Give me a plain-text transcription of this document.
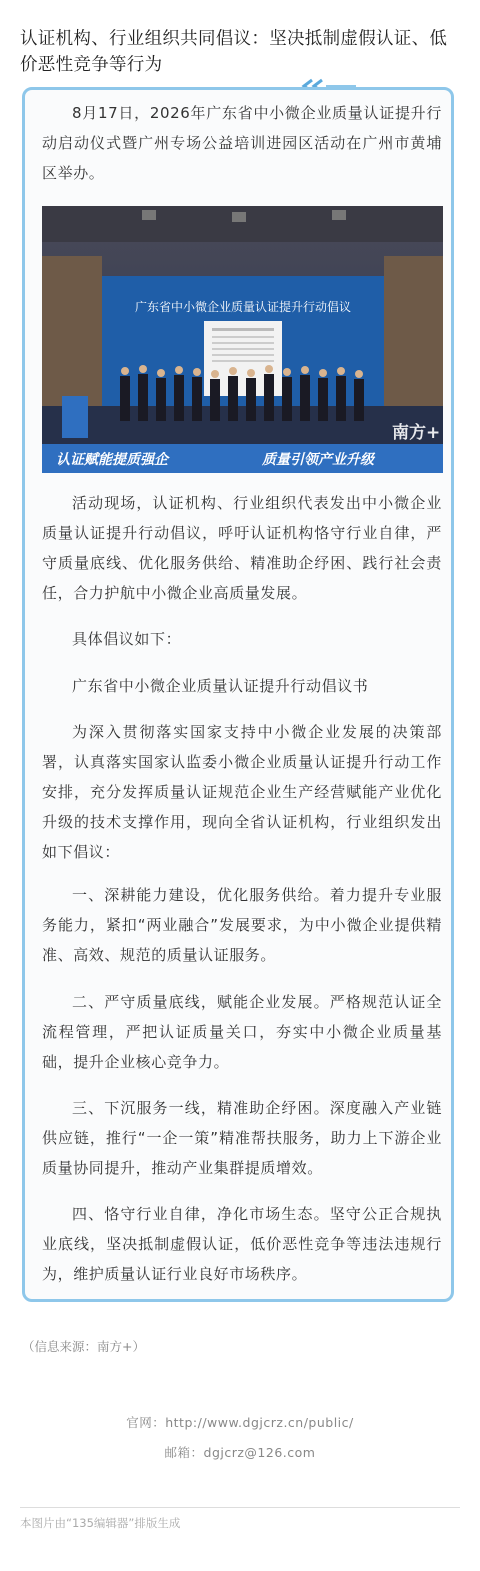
认证机构、行业组织共同倡议：坚决抵制虚假认证、低价恶性竞争等行为

8月17日，2026年广东省中小微企业质量认证提升行动启动仪式暨广州专场公益培训进园区活动在广州市黄埔区举办。

广东省中小微企业质量认证提升行动倡议
认证赋能提质强企	质量引领产业升级
南方+

活动现场，认证机构、行业组织代表发出中小微企业质量认证提升行动倡议，呼吁认证机构恪守行业自律，严守质量底线、优化服务供给、精准助企纾困、践行社会责任，合力护航中小微企业高质量发展。

具体倡议如下：

广东省中小微企业质量认证提升行动倡议书

为深入贯彻落实国家支持中小微企业发展的决策部署，认真落实国家认监委小微企业质量认证提升行动工作安排，充分发挥质量认证规范企业生产经营赋能产业优化升级的技术支撑作用，现向全省认证机构，行业组织发出如下倡议：

一、深耕能力建设，优化服务供给。着力提升专业服务能力，紧扣“两业融合”发展要求，为中小微企业提供精准、高效、规范的质量认证服务。

二、严守质量底线，赋能企业发展。严格规范认证全流程管理，严把认证质量关口，夯实中小微企业质量基础，提升企业核心竞争力。

三、下沉服务一线，精准助企纾困。深度融入产业链供应链，推行“一企一策”精准帮扶服务，助力上下游企业质量协同提升，推动产业集群提质增效。

四、恪守行业自律，净化市场生态。坚守公正合规执业底线，坚决抵制虚假认证，低价恶性竞争等违法违规行为，维护质量认证行业良好市场秩序。

（信息来源：南方+）
官网：http://www.dgjcrz.cn/public/
邮箱：dgjcrz@126.com
本图片由“135编辑器”排版生成
